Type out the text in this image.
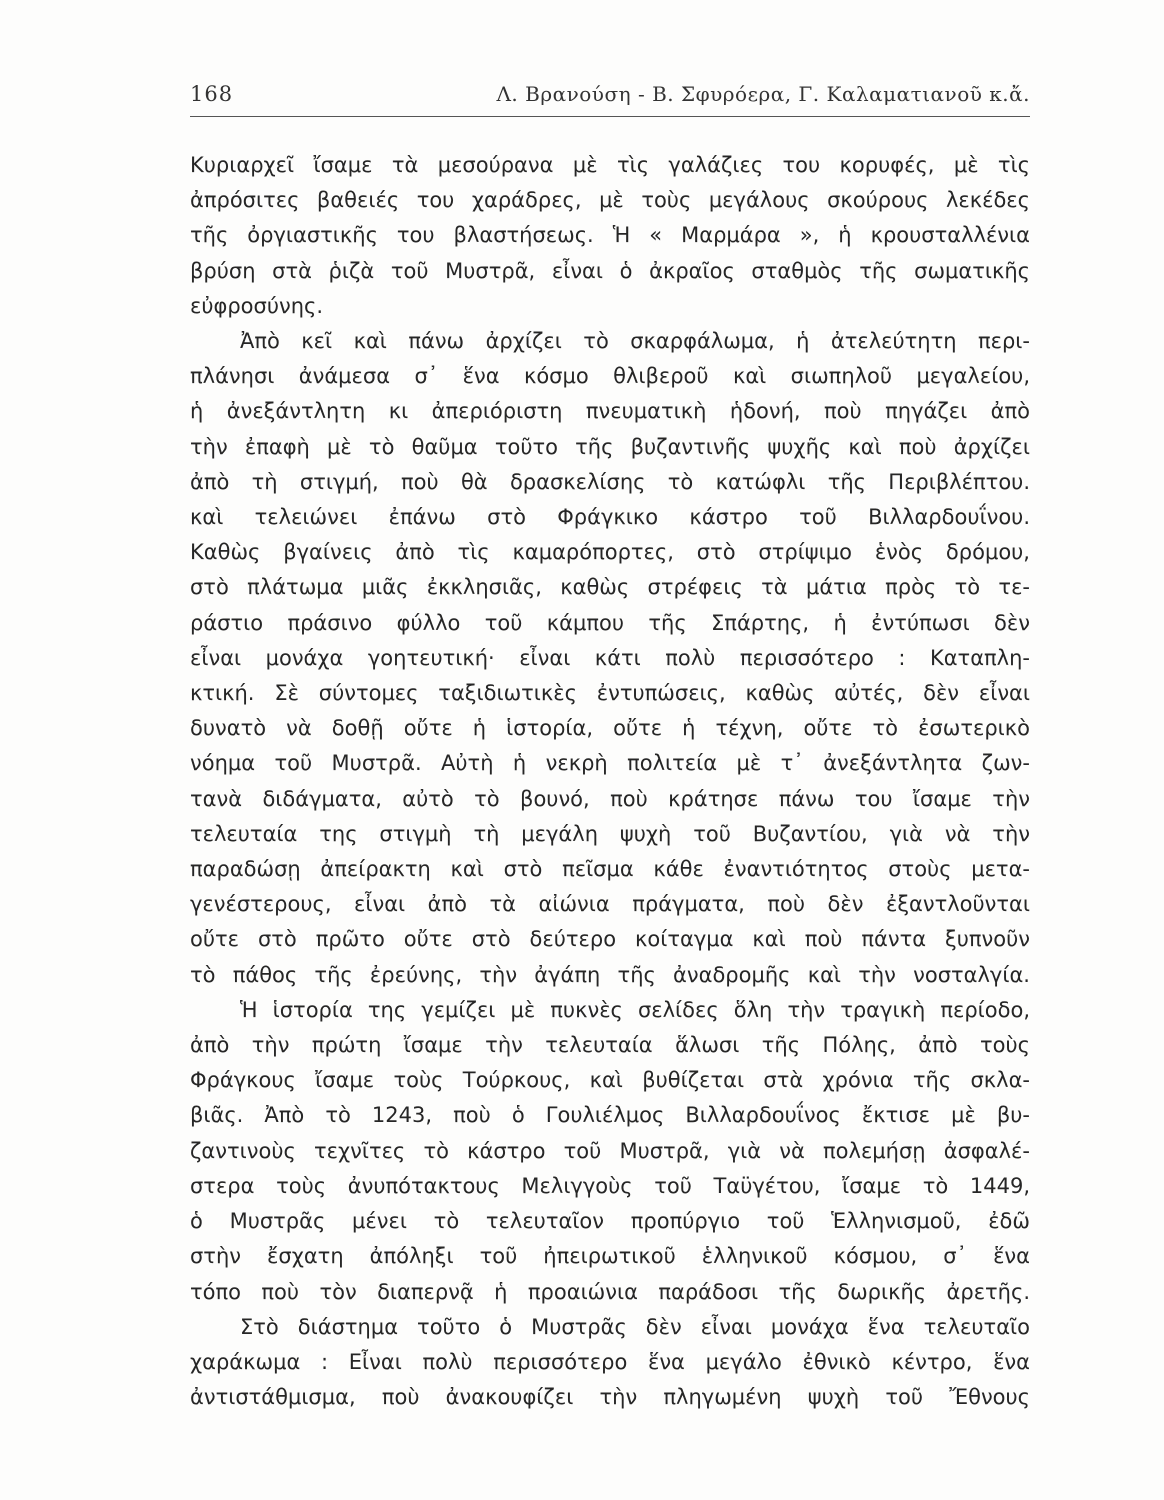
168	Λ. Βρανούση - Β. Σφυρόερα, Γ. Καλαματιανοῦ κ.ἄ.

Κυριαρχεῖ ἴσαμε τὰ μεσούρανα μὲ τὶς γαλάζιες του κορυφές, μὲ τὶς
ἀπρόσιτες βαθειές του χαράδρες, μὲ τοὺς μεγάλους σκούρους λεκέδες
τῆς ὀργιαστικῆς του βλαστήσεως. Ἡ « Μαρμάρα », ἡ κρουσταλλένια
βρύση στὰ ῥιζὰ τοῦ Μυστρᾶ, εἶναι ὁ ἀκραῖος σταθμὸς τῆς σωματικῆς
εὐφροσύνης.

Ἀπὸ κεῖ καὶ πάνω ἀρχίζει τὸ σκαρφάλωμα, ἡ ἀτελεύτητη περι-
πλάνησι ἀνάμεσα σ᾽ ἕνα κόσμο θλιβεροῦ καὶ σιωπηλοῦ μεγαλείου,
ἡ ἀνεξάντλητη κι ἀπεριόριστη πνευματικὴ ἡδονή, ποὺ πηγάζει ἀπὸ
τὴν ἐπαφὴ μὲ τὸ θαῦμα τοῦτο τῆς βυζαντινῆς ψυχῆς καὶ ποὺ ἀρχίζει
ἀπὸ τὴ στιγμή, ποὺ θὰ δρασκελίσης τὸ κατώφλι τῆς Περιβλέπτου.
καὶ τελειώνει ἐπάνω στὸ Φράγκικο κάστρο τοῦ Βιλλαρδουΐνου.
Καθὼς βγαίνεις ἀπὸ τὶς καμαρόπορτες, στὸ στρίψιμο ἑνὸς δρόμου,
στὸ πλάτωμα μιᾶς ἐκκλησιᾶς, καθὼς στρέφεις τὰ μάτια πρὸς τὸ τε-
ράστιο πράσινο φύλλο τοῦ κάμπου τῆς Σπάρτης, ἡ ἐντύπωσι δὲν
εἶναι μονάχα γοητευτική· εἶναι κάτι πολὺ περισσότερο : Καταπλη-
κτική. Σὲ σύντομες ταξιδιωτικὲς ἐντυπώσεις, καθὼς αὐτές, δὲν εἶναι
δυνατὸ νὰ δοθῇ οὔτε ἡ ἱστορία, οὔτε ἡ τέχνη, οὔτε τὸ ἐσωτερικὸ
νόημα τοῦ Μυστρᾶ. Αὐτὴ ἡ νεκρὴ πολιτεία μὲ τ᾽ ἀνεξάντλητα ζων-
τανὰ διδάγματα, αὐτὸ τὸ βουνό, ποὺ κράτησε πάνω του ἴσαμε τὴν
τελευταία της στιγμὴ τὴ μεγάλη ψυχὴ τοῦ Βυζαντίου, γιὰ νὰ τὴν
παραδώσῃ ἀπείρακτη καὶ στὸ πεῖσμα κάθε ἐναντιότητος στοὺς μετα-
γενέστερους, εἶναι ἀπὸ τὰ αἰώνια πράγματα, ποὺ δὲν ἐξαντλοῦνται
οὔτε στὸ πρῶτο οὔτε στὸ δεύτερο κοίταγμα καὶ ποὺ πάντα ξυπνοῦν
τὸ πάθος τῆς ἐρεύνης, τὴν ἀγάπη τῆς ἀναδρομῆς καὶ τὴν νοσταλγία.

Ἡ ἱστορία της γεμίζει μὲ πυκνὲς σελίδες ὅλη τὴν τραγικὴ περίοδο,
ἀπὸ τὴν πρώτη ἴσαμε τὴν τελευταία ἅλωσι τῆς Πόλης, ἀπὸ τοὺς
Φράγκους ἴσαμε τοὺς Τούρκους, καὶ βυθίζεται στὰ χρόνια τῆς σκλα-
βιᾶς. Ἀπὸ τὸ 1243, ποὺ ὁ Γουλιέλμος Βιλλαρδουΐνος ἔκτισε μὲ βυ-
ζαντινοὺς τεχνῖτες τὸ κάστρο τοῦ Μυστρᾶ, γιὰ νὰ πολεμήσῃ ἀσφαλέ-
στερα τοὺς ἀνυπότακτους Μελιγγοὺς τοῦ Ταϋγέτου, ἴσαμε τὸ 1449,
ὁ Μυστρᾶς μένει τὸ τελευταῖον προπύργιο τοῦ Ἑλληνισμοῦ, ἐδῶ
στὴν ἔσχατη ἀπόληξι τοῦ ἠπειρωτικοῦ ἑλληνικοῦ κόσμου, σ᾽ ἕνα
τόπο ποὺ τὸν διαπερνᾷ ἡ προαιώνια παράδοσι τῆς δωρικῆς ἀρετῆς.

Στὸ διάστημα τοῦτο ὁ Μυστρᾶς δὲν εἶναι μονάχα ἕνα τελευταῖο
χαράκωμα : Εἶναι πολὺ περισσότερο ἕνα μεγάλο ἐθνικὸ κέντρο, ἕνα
ἀντιστάθμισμα, ποὺ ἀνακουφίζει τὴν πληγωμένη ψυχὴ τοῦ Ἔθνους
